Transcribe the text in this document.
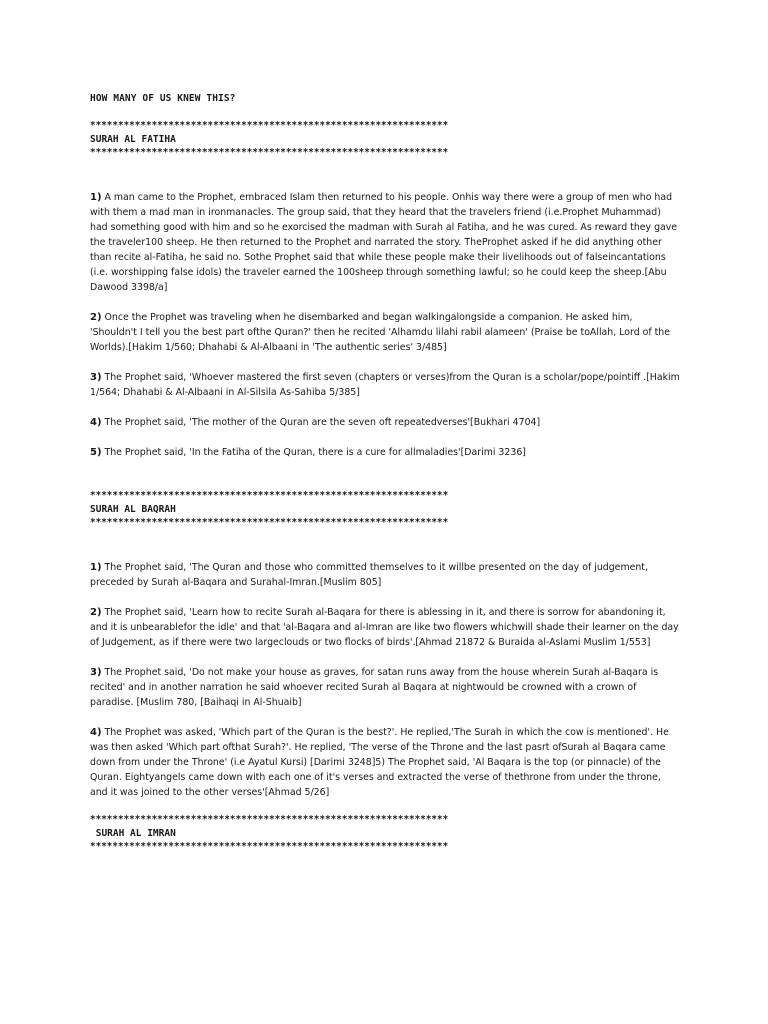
HOW MANY OF US KNEW THIS?
****************************************************************
SURAH AL FATIHA
****************************************************************

1) A man came to the Prophet, embraced Islam then returned to his people. Onhis way there were a group of men who had with them a mad man in ironmanacles. The group said, that they heard that the travelers friend (i.e.Prophet Muhammad) had something good with him and so he exorcised the madman with Surah al Fatiha, and he was cured. As reward they gave the traveler100 sheep. He then returned to the Prophet and narrated the story. TheProphet asked if he did anything other than recite al-Fatiha, he said no. Sothe Prophet said that while these people make their livelihoods out of falseincantations (i.e. worshipping false idols) the traveler earned the 100sheep through something lawful; so he could keep the sheep.[Abu Dawood 3398/a]

2) Once the Prophet was traveling when he disembarked and began walkingalongside a companion. He asked him, 'Shouldn't I tell you the best part ofthe Quran?' then he recited 'Alhamdu lilahi rabil alameen' (Praise be toAllah, Lord of the Worlds).[Hakim 1/560; Dhahabi & Al-Albaani in 'The authentic series' 3/485]

3) The Prophet said, 'Whoever mastered the first seven (chapters or verses)from the Quran is a scholar/pope/pointiff .[Hakim 1/564; Dhahabi & Al-Albaani in Al-Silsila As-Sahiba 5/385]

4) The Prophet said, 'The mother of the Quran are the seven oft repeatedverses'[Bukhari 4704]

5) The Prophet said, 'In the Fatiha of the Quran, there is a cure for allmaladies'[Darimi 3236]

****************************************************************
SURAH AL BAQRAH
****************************************************************

1) The Prophet said, 'The Quran and those who committed themselves to it willbe presented on the day of judgement, preceded by Surah al-Baqara and Surahal-Imran.[Muslim 805]

2) The Prophet said, 'Learn how to recite Surah al-Baqara for there is ablessing in it, and there is sorrow for abandoning it, and it is unbearablefor the idle' and that 'al-Baqara and al-Imran are like two flowers whichwill shade their learner on the day of Judgement, as if there were two largeclouds or two flocks of birds'.[Ahmad 21872 & Buraida al-Aslami Muslim 1/553]

3) The Prophet said, 'Do not make your house as graves, for satan runs away from the house wherein Surah al-Baqara is recited' and in another narration he said whoever recited Surah al Baqara at nightwould be crowned with a crown of paradise. [Muslim 780, [Baihaqi in Al-Shuaib]

4) The Prophet was asked, 'Which part of the Quran is the best?'. He replied,'The Surah in which the cow is mentioned'. He was then asked 'Which part ofthat Surah?'. He replied, 'The verse of the Throne and the last pasrt ofSurah al Baqara came down from under the Throne' (i.e Ayatul Kursi) [Darimi 3248]5) The Prophet said, 'Al Baqara is the top (or pinnacle) of the Quran. Eightyangels came down with each one of it's verses and extracted the verse of thethrone from under the throne, and it was joined to the other verses'[Ahmad 5/26]

****************************************************************
SURAH AL IMRAN
****************************************************************
